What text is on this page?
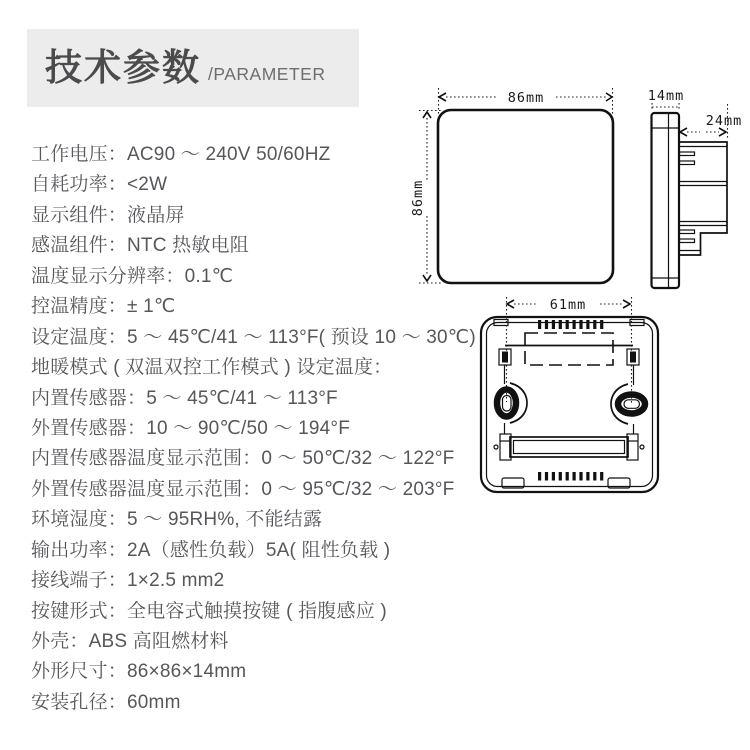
技术参数 /PARAMETER
工作电压：AC90 ～ 240V 50/60HZ
自耗功率：<2W
显示组件：液晶屏
感温组件：NTC 热敏电阻
温度显示分辨率：0.1℃
控温精度：± 1℃
设定温度：5 ～ 45℃/41 ～ 113°F( 预设 10 ～ 30℃)
地暖模式 ( 双温双控工作模式 ) 设定温度：
内置传感器：5 ～ 45℃/41 ～ 113°F
外置传感器：10 ～ 90℃/50 ～ 194°F
内置传感器温度显示范围：0 ～ 50℃/32 ～ 122°F
外置传感器温度显示范围：0 ～ 95℃/32 ～ 203°F
环境湿度：5 ～ 95RH%, 不能结露
输出功率：2A（感性负载）5A( 阻性负载 )
接线端子：1×2.5 mm2
按键形式：全电容式触摸按键 ( 指腹感应 )
外壳：ABS 高阻燃材料
外形尺寸：86×86×14mm
安装孔径：60mm
86mm
86mm
14mm
24mm
61mm
